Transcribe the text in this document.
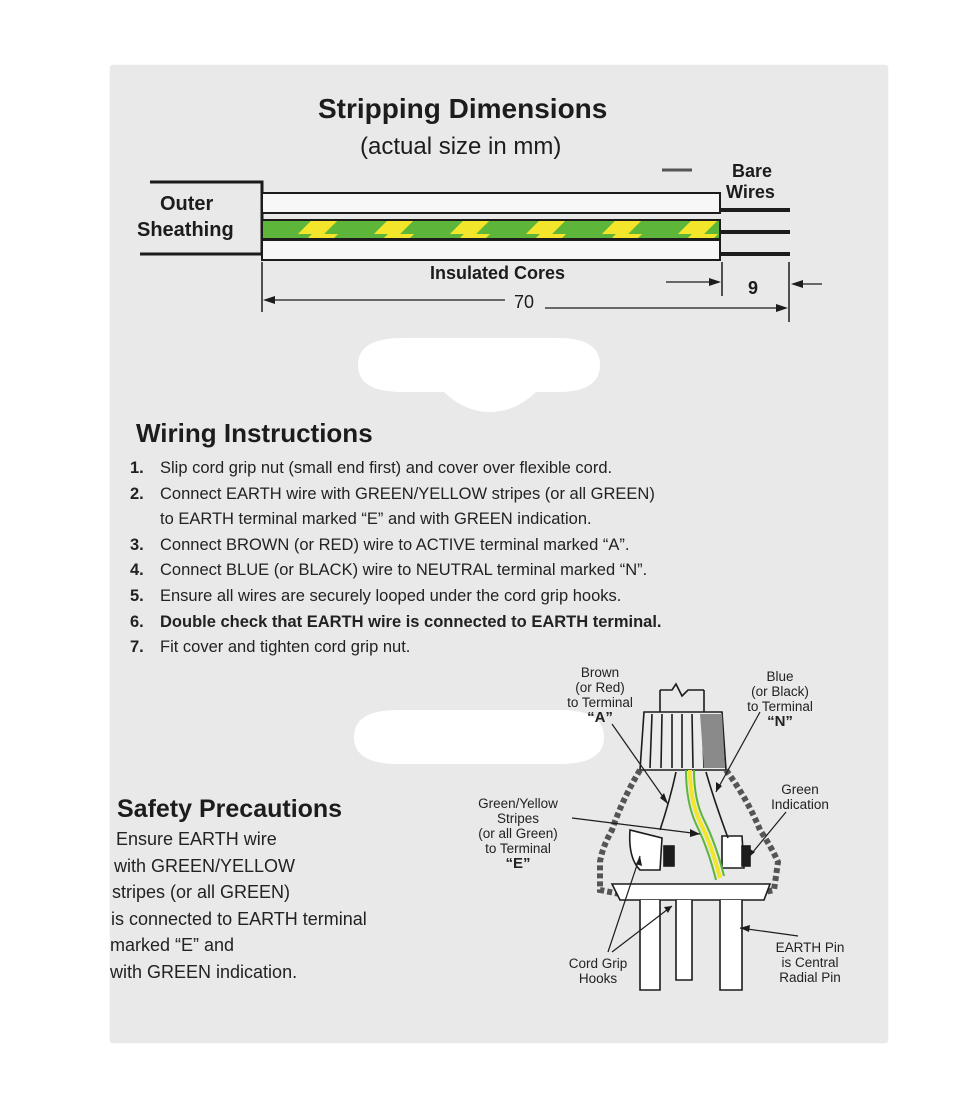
Stripping Dimensions
(actual size in mm)
Outer
Sheathing
Bare
Wires
Insulated Cores
70
9
Wiring Instructions
1. Slip cord grip nut (small end first) and cover over flexible cord.
2. Connect EARTH wire with GREEN/YELLOW stripes (or all GREEN)
to EARTH terminal marked “E” and with GREEN indication.
3. Connect BROWN (or RED) wire to ACTIVE terminal marked “A”.
4. Connect BLUE (or BLACK) wire to NEUTRAL terminal marked “N”.
5. Ensure all wires are securely looped under the cord grip hooks.
6. Double check that EARTH wire is connected to EARTH terminal.
7. Fit cover and tighten cord grip nut.
Safety Precautions
Ensure EARTH wire
with GREEN/YELLOW
stripes (or all GREEN)
is connected to EARTH terminal
marked “E” and
with GREEN indication.
Brown
(or Red)
to Terminal
“A”
Blue
(or Black)
to Terminal
“N”
Green/Yellow
Stripes
(or all Green)
to Terminal
“E”
Green
Indication
Cord Grip
Hooks
EARTH Pin
is Central
Radial Pin
